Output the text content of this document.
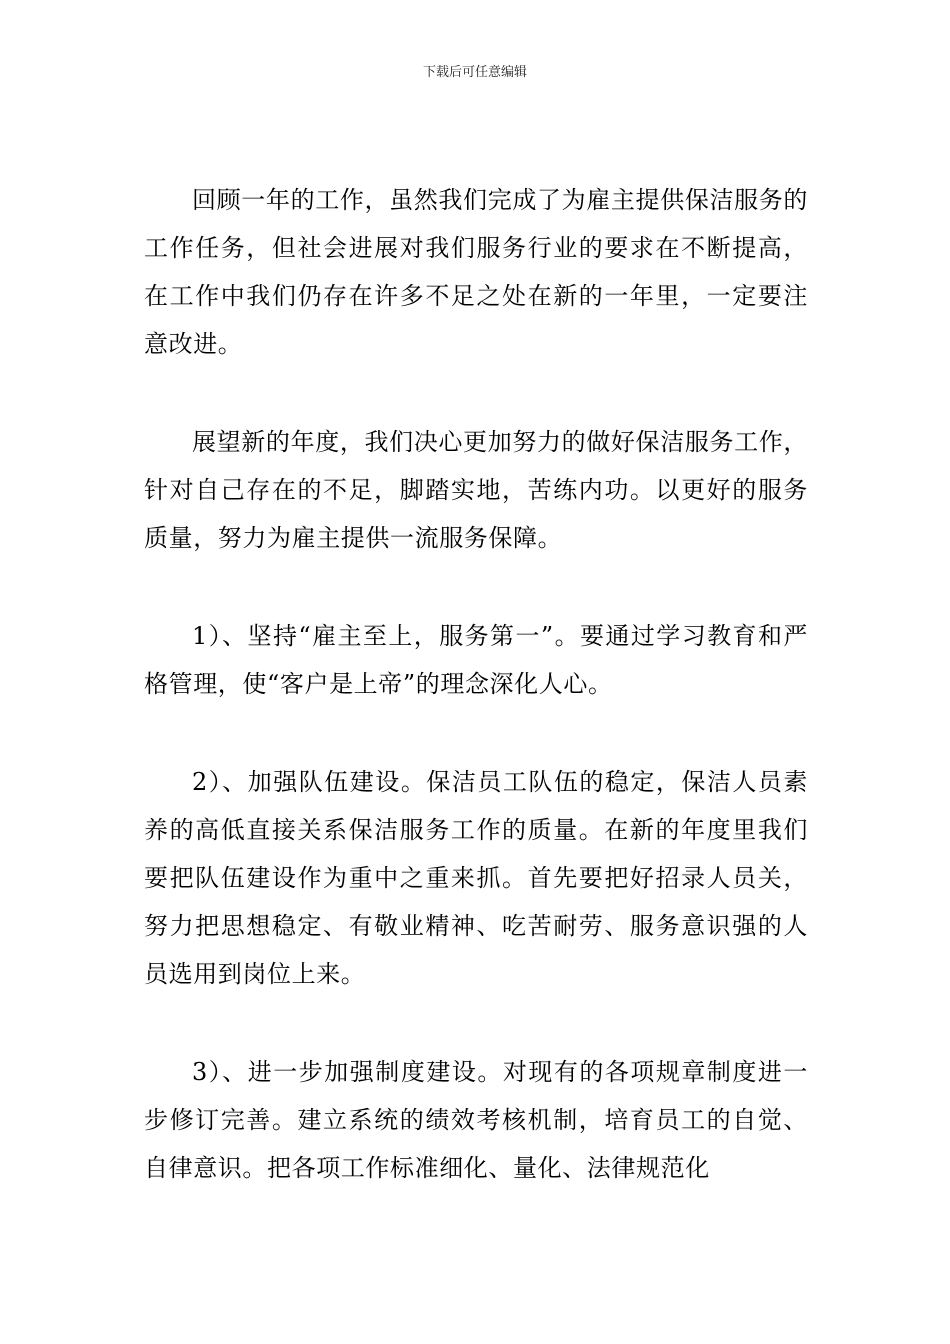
下载后可任意编辑

回顾一年的工作，虽然我们完成了为雇主提供保洁服务的工作任务，但社会进展对我们服务行业的要求在不断提高，在工作中我们仍存在许多不足之处在新的一年里，一定要注意改进。

展望新的年度，我们决心更加努力的做好保洁服务工作，针对自己存在的不足，脚踏实地，苦练内功。以更好的服务质量，努力为雇主提供一流服务保障。

1）、坚持“雇主至上，服务第一”。要通过学习教育和严格管理，使“客户是上帝”的理念深化人心。

2）、加强队伍建设。保洁员工队伍的稳定，保洁人员素养的高低直接关系保洁服务工作的质量。在新的年度里我们要把队伍建设作为重中之重来抓。首先要把好招录人员关，努力把思想稳定、有敬业精神、吃苦耐劳、服务意识强的人员选用到岗位上来。

3）、进一步加强制度建设。对现有的各项规章制度进一步修订完善。建立系统的绩效考核机制，培育员工的自觉、自律意识。把各项工作标准细化、量化、法律规范化
